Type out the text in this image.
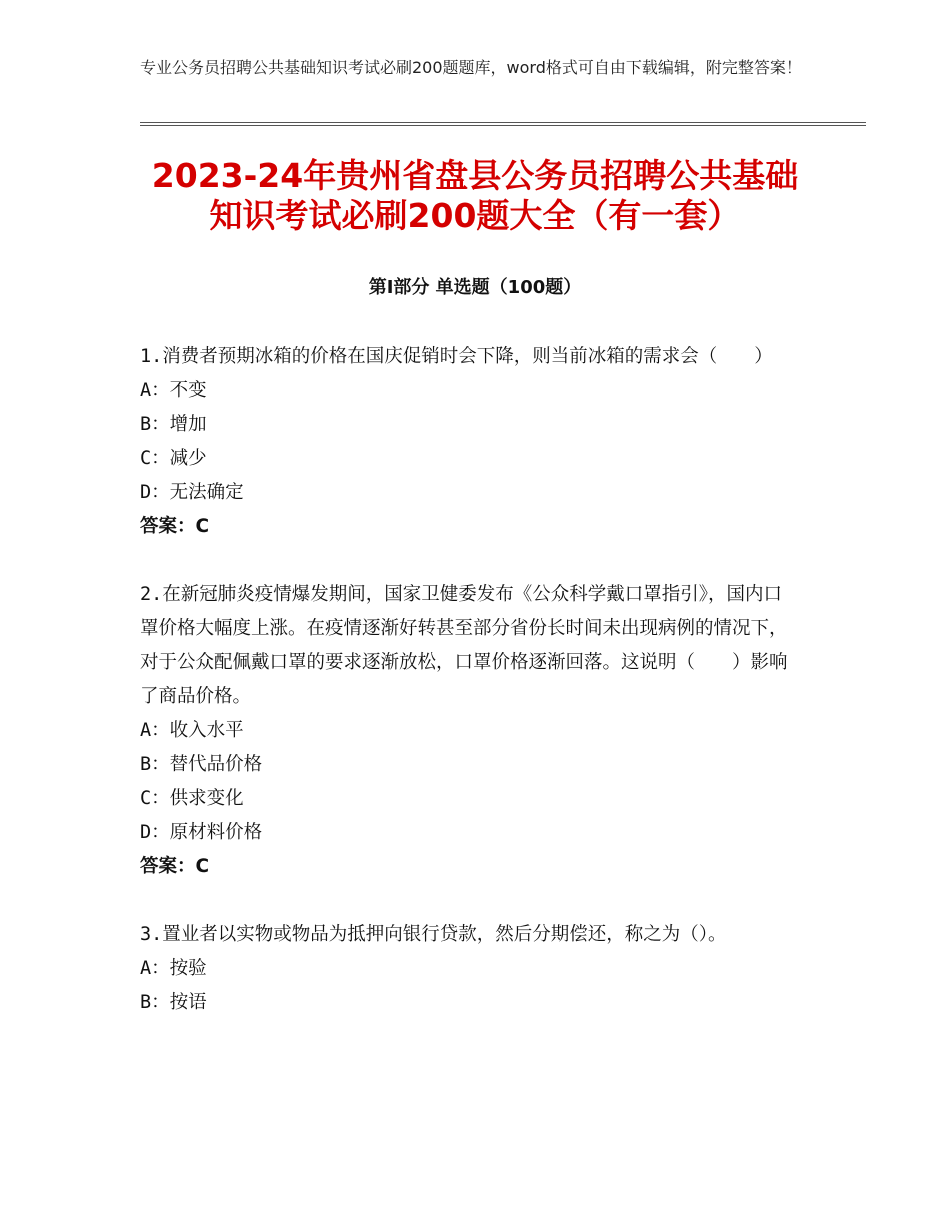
专业公务员招聘公共基础知识考试必刷200题题库，word格式可自由下载编辑，附完整答案！
2023-24年贵州省盘县公务员招聘公共基础
知识考试必刷200题大全（有一套）
第Ⅰ部分 单选题（100题）
1.消费者预期冰箱的价格在国庆促销时会下降，则当前冰箱的需求会（　　）
A：不变
B：增加
C：减少
D：无法确定
答案：C
2.在新冠肺炎疫情爆发期间，国家卫健委发布《公众科学戴口罩指引》，国内口罩价格大幅度上涨。在疫情逐渐好转甚至部分省份长时间未出现病例的情况下，对于公众配佩戴口罩的要求逐渐放松，口罩价格逐渐回落。这说明（　　）影响了商品价格。
A：收入水平
B：替代品价格
C：供求变化
D：原材料价格
答案：C
3.置业者以实物或物品为抵押向银行贷款，然后分期偿还，称之为（）。
A：按验
B：按语
